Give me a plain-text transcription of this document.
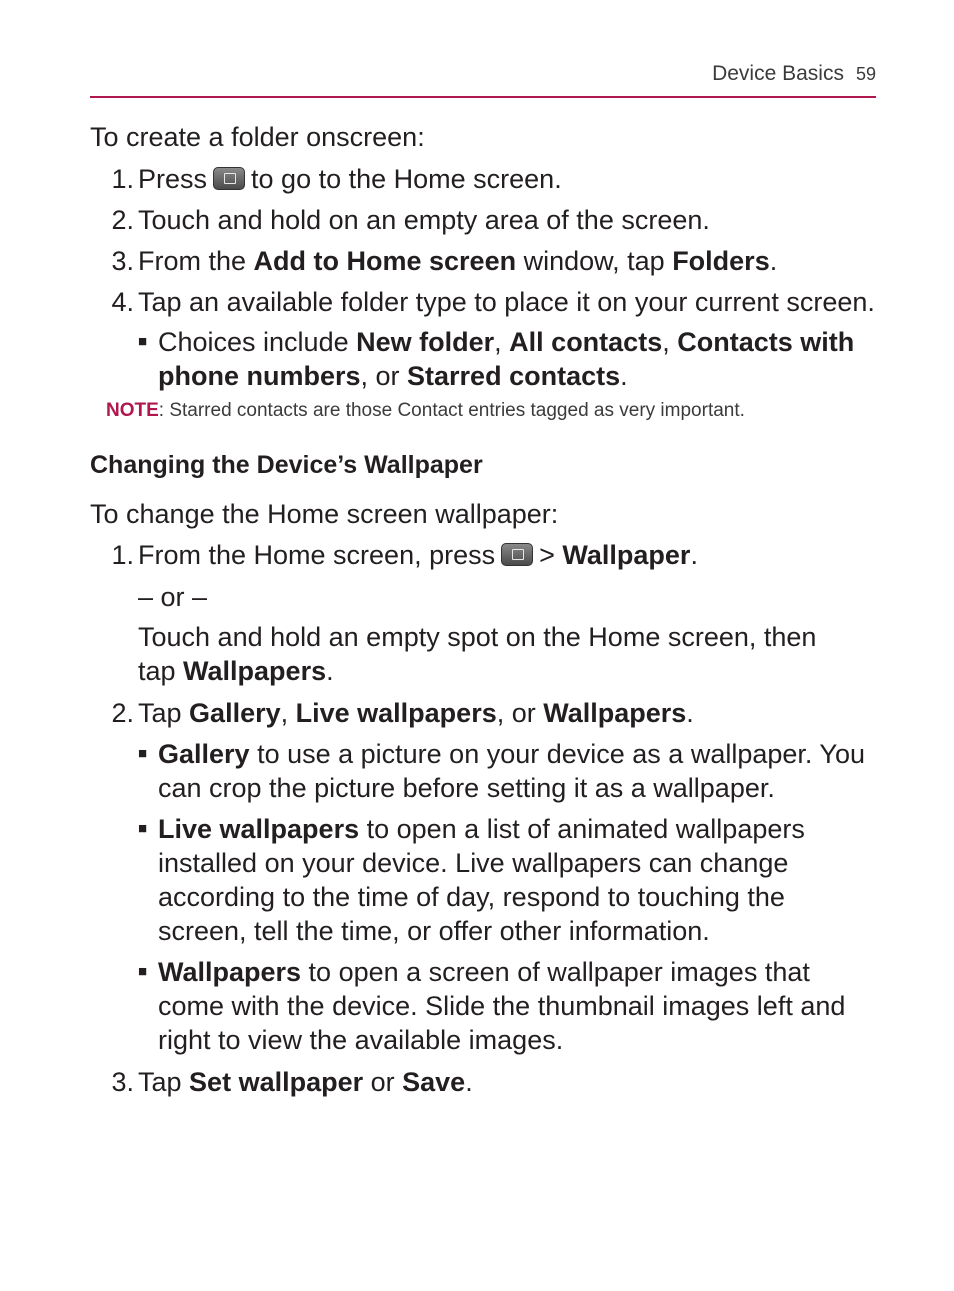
Device Basics 59

To create a folder onscreen:

1. Press to go to the Home screen.
2. Touch and hold on an empty area of the screen.
3. From the Add to Home screen window, tap Folders.
4. Tap an available folder type to place it on your current screen.
■ Choices include New folder, All contacts, Contacts with phone numbers, or Starred contacts.
NOTE: Starred contacts are those Contact entries tagged as very important.

Changing the Device’s Wallpaper

To change the Home screen wallpaper:

1. From the Home screen, press > Wallpaper.
– or –
Touch and hold an empty spot on the Home screen, then tap Wallpapers.
2. Tap Gallery, Live wallpapers, or Wallpapers.
■ Gallery to use a picture on your device as a wallpaper. You can crop the picture before setting it as a wallpaper.
■ Live wallpapers to open a list of animated wallpapers installed on your device. Live wallpapers can change according to the time of day, respond to touching the screen, tell the time, or offer other information.
■ Wallpapers to open a screen of wallpaper images that come with the device. Slide the thumbnail images left and right to view the available images.
3. Tap Set wallpaper or Save.
